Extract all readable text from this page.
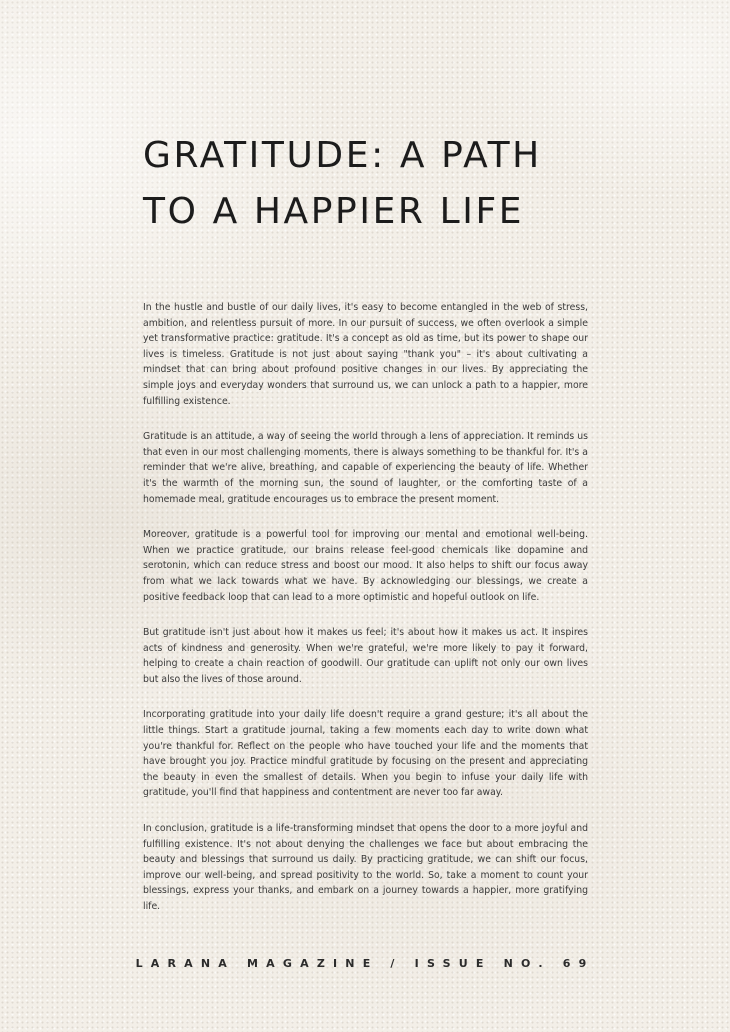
GRATITUDE: A PATH
TO A HAPPIER LIFE

In the hustle and bustle of our daily lives, it's easy to become entangled in the web of stress, ambition, and relentless pursuit of more. In our pursuit of success, we often overlook a simple yet transformative practice: gratitude. It's a concept as old as time, but its power to shape our lives is timeless. Gratitude is not just about saying "thank you" – it's about cultivating a mindset that can bring about profound positive changes in our lives. By appreciating the simple joys and everyday wonders that surround us, we can unlock a path to a happier, more fulfilling existence.

Gratitude is an attitude, a way of seeing the world through a lens of appreciation. It reminds us that even in our most challenging moments, there is always something to be thankful for. It's a reminder that we're alive, breathing, and capable of experiencing the beauty of life. Whether it's the warmth of the morning sun, the sound of laughter, or the comforting taste of a homemade meal, gratitude encourages us to embrace the present moment.

Moreover, gratitude is a powerful tool for improving our mental and emotional well-being. When we practice gratitude, our brains release feel-good chemicals like dopamine and serotonin, which can reduce stress and boost our mood. It also helps to shift our focus away from what we lack towards what we have. By acknowledging our blessings, we create a positive feedback loop that can lead to a more optimistic and hopeful outlook on life.

But gratitude isn't just about how it makes us feel; it's about how it makes us act. It inspires acts of kindness and generosity. When we're grateful, we're more likely to pay it forward, helping to create a chain reaction of goodwill. Our gratitude can uplift not only our own lives but also the lives of those around.

Incorporating gratitude into your daily life doesn't require a grand gesture; it's all about the little things. Start a gratitude journal, taking a few moments each day to write down what you're thankful for. Reflect on the people who have touched your life and the moments that have brought you joy. Practice mindful gratitude by focusing on the present and appreciating the beauty in even the smallest of details. When you begin to infuse your daily life with gratitude, you'll find that happiness and contentment are never too far away.

In conclusion, gratitude is a life-transforming mindset that opens the door to a more joyful and fulfilling existence. It's not about denying the challenges we face but about embracing the beauty and blessings that surround us daily. By practicing gratitude, we can shift our focus, improve our well-being, and spread positivity to the world. So, take a moment to count your blessings, express your thanks, and embark on a journey towards a happier, more gratifying life.

LARANA MAGAZINE / ISSUE NO. 69
